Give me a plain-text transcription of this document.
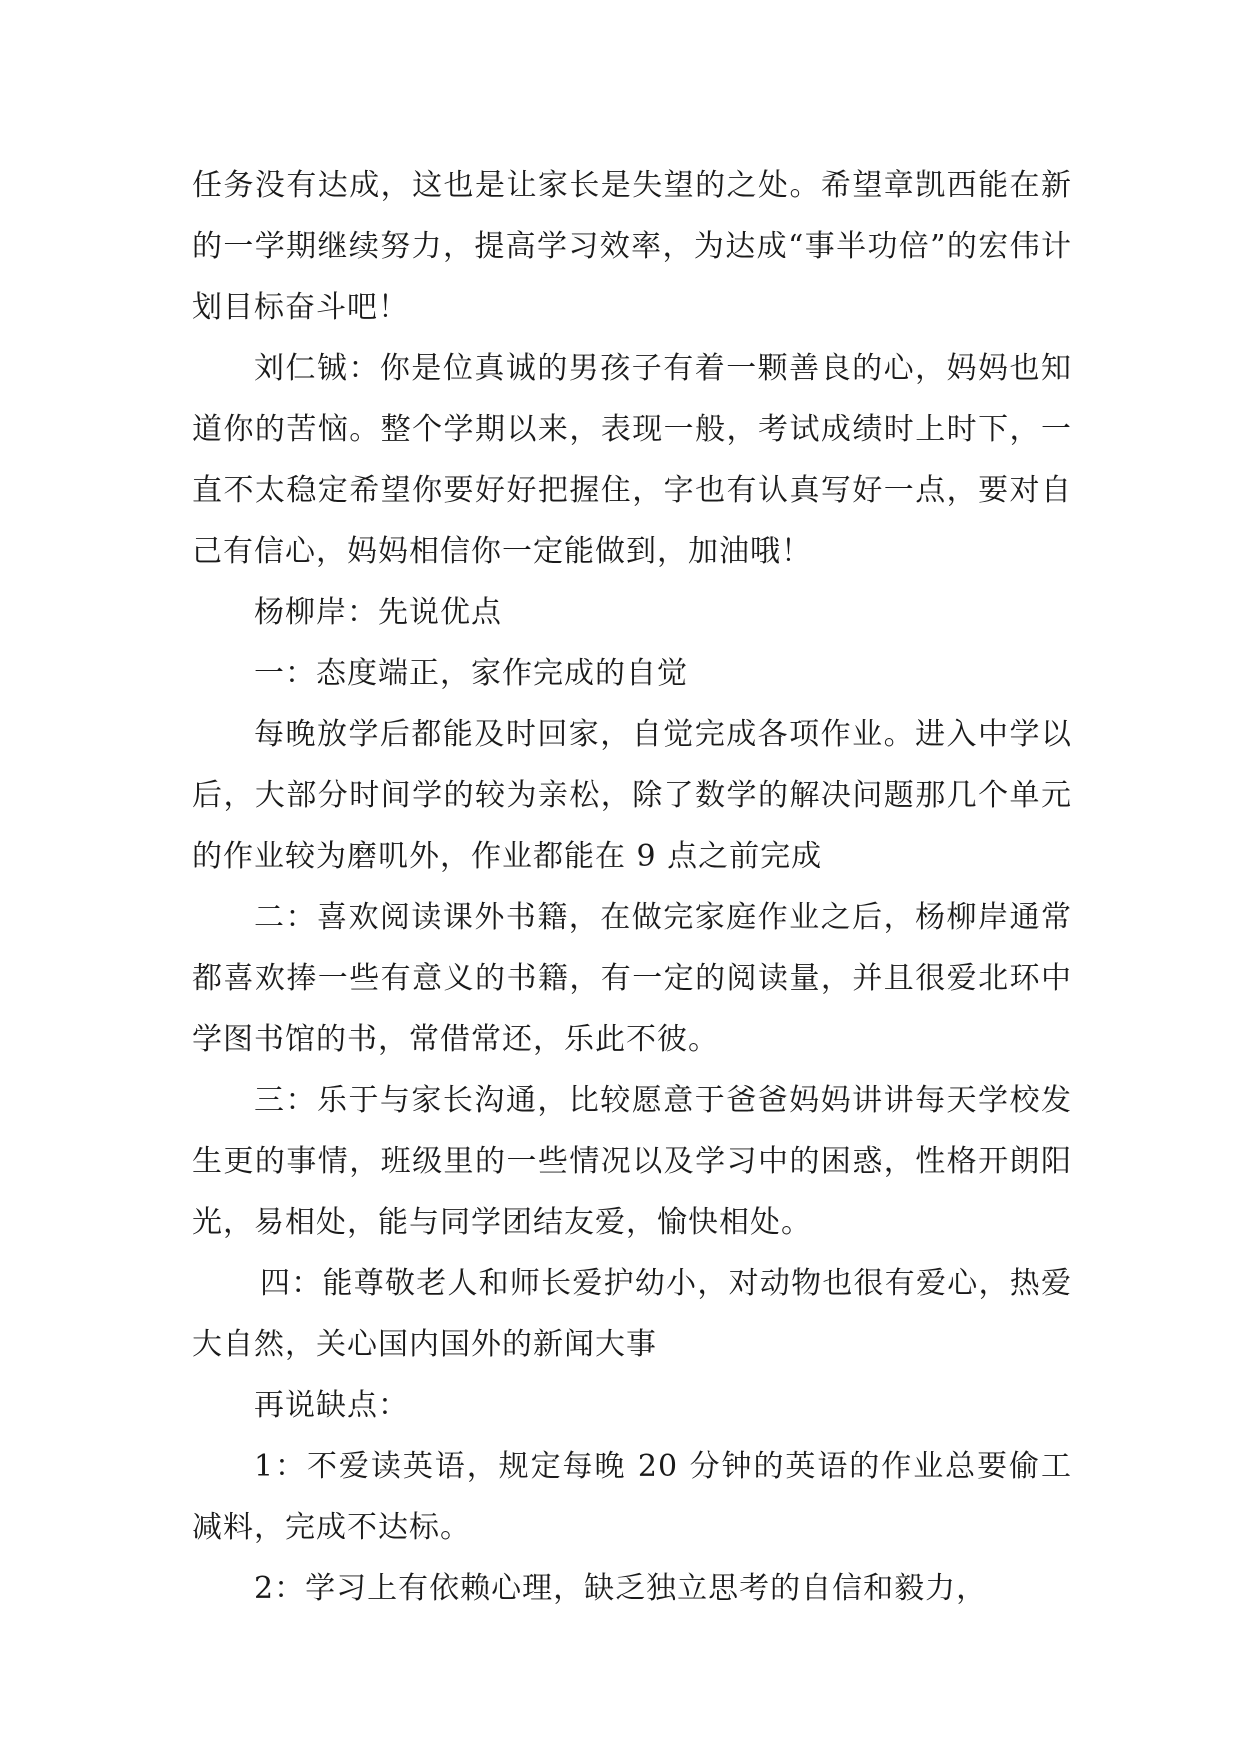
任务没有达成，这也是让家长是失望的之处。希望章凯西能在新的一学期继续努力，提高学习效率，为达成“事半功倍”的宏伟计划目标奋斗吧！

刘仁铖：你是位真诚的男孩子有着一颗善良的心，妈妈也知道你的苦恼。整个学期以来，表现一般，考试成绩时上时下，一直不太稳定希望你要好好把握住，字也有认真写好一点，要对自己有信心，妈妈相信你一定能做到，加油哦！

杨柳岸：先说优点

一：态度端正，家作完成的自觉

每晚放学后都能及时回家，自觉完成各项作业。进入中学以后，大部分时间学的较为亲松，除了数学的解决问题那几个单元的作业较为磨叽外，作业都能在 9 点之前完成

二：喜欢阅读课外书籍，在做完家庭作业之后，杨柳岸通常都喜欢捧一些有意义的书籍，有一定的阅读量，并且很爱北环中学图书馆的书，常借常还，乐此不彼。

三：乐于与家长沟通，比较愿意于爸爸妈妈讲讲每天学校发生更的事情，班级里的一些情况以及学习中的困惑，性格开朗阳光，易相处，能与同学团结友爱，愉快相处。

四：能尊敬老人和师长爱护幼小，对动物也很有爱心，热爱大自然，关心国内国外的新闻大事

再说缺点：

1：不爱读英语，规定每晚 20 分钟的英语的作业总要偷工减料，完成不达标。

2：学习上有依赖心理，缺乏独立思考的自信和毅力，
